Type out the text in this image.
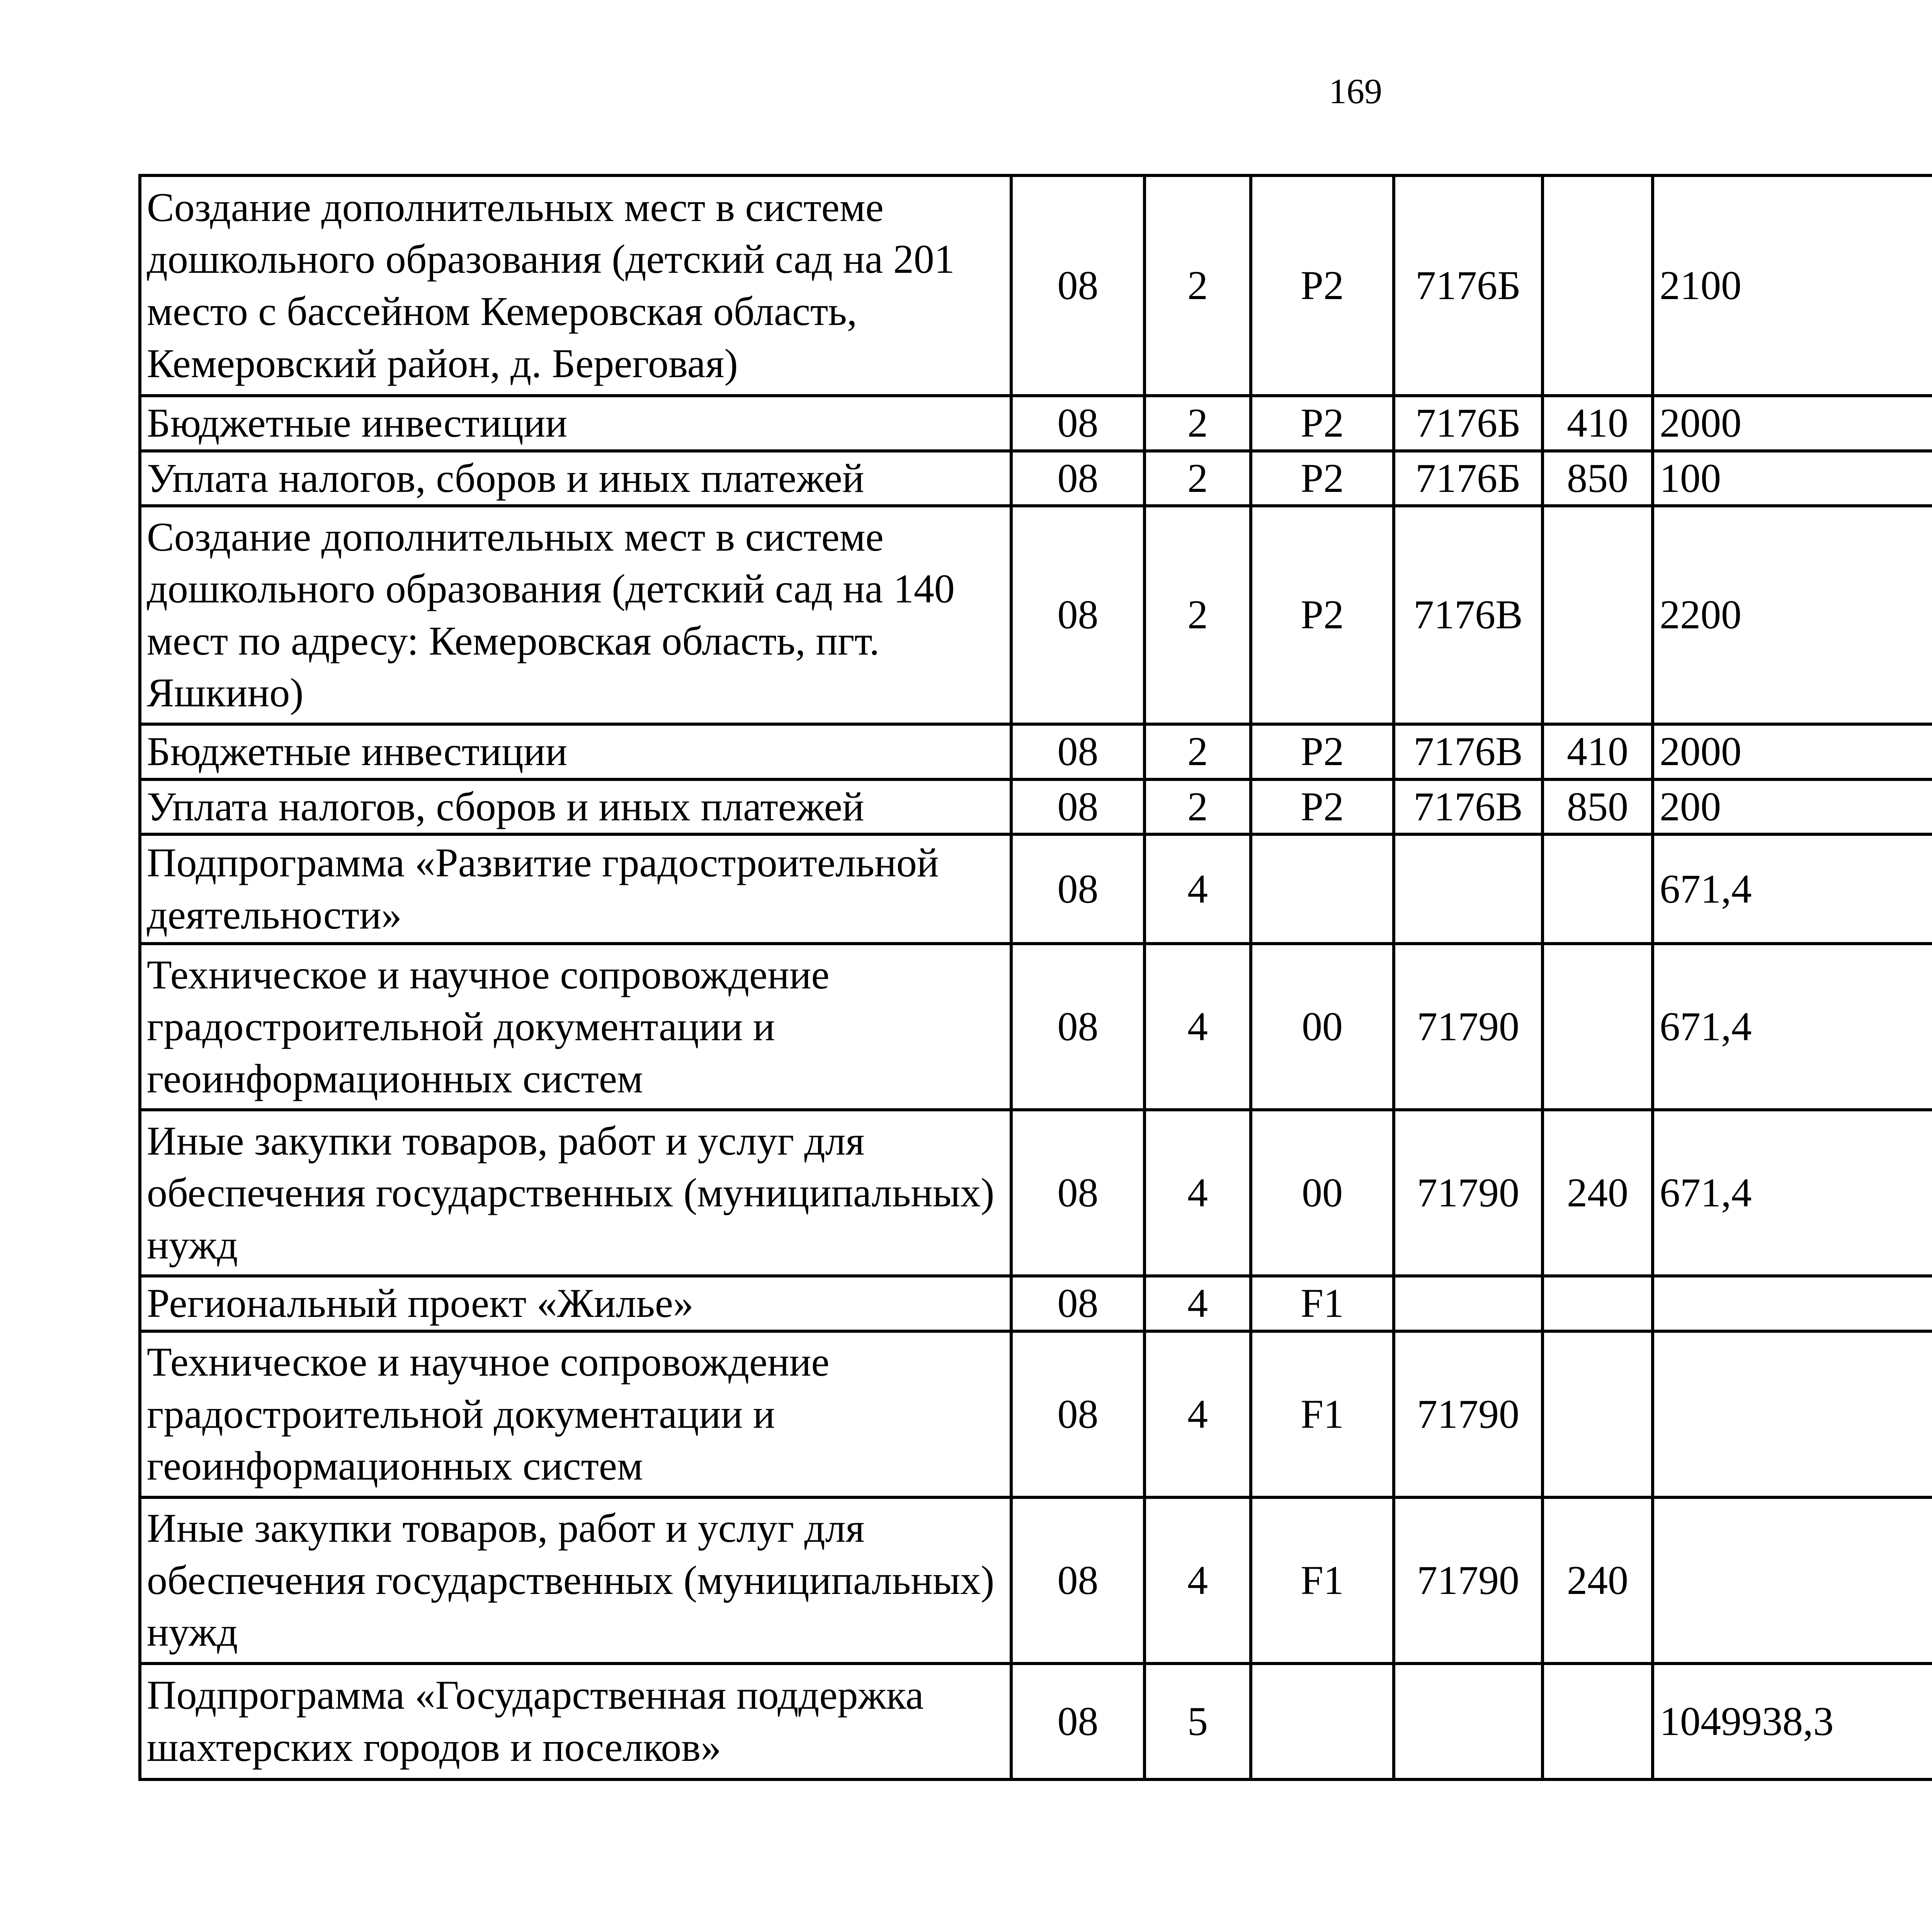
169
Создание дополнительных мест в системе дошкольного образования (детский сад на 201 место с бассейном Кемеровская область, Кемеровский район, д. Береговая)	08	2	Р2	7176Б		2100		
Бюджетные инвестиции	08	2	Р2	7176Б	410	2000		
Уплата налогов, сборов и иных платежей	08	2	Р2	7176Б	850	100		
Создание дополнительных мест в системе дошкольного образования (детский сад на 140 мест по адресу: Кемеровская область, пгт. Яшкино)	08	2	Р2	7176В		2200		
Бюджетные инвестиции	08	2	Р2	7176В	410	2000		
Уплата налогов, сборов и иных платежей	08	2	Р2	7176В	850	200		
Подпрограмма «Развитие градостроительной деятельности»	08	4				671,4		
Техническое и научное сопровождение градостроительной документации и геоинформационных систем	08	4	00	71790		671,4		
Иные закупки товаров, работ и услуг для обеспечения государственных (муниципальных) нужд	08	4	00	71790	240	671,4		
Региональный проект «Жилье»	08	4	F1					
Техническое и научное сопровождение градостроительной документации и геоинформационных систем	08	4	F1	71790				
Иные закупки товаров, работ и услуг для обеспечения государственных (муниципальных) нужд	08	4	F1	71790	240			
Подпрограмма «Государственная поддержка шахтерских городов и поселков»	08	5				1049938,3		
